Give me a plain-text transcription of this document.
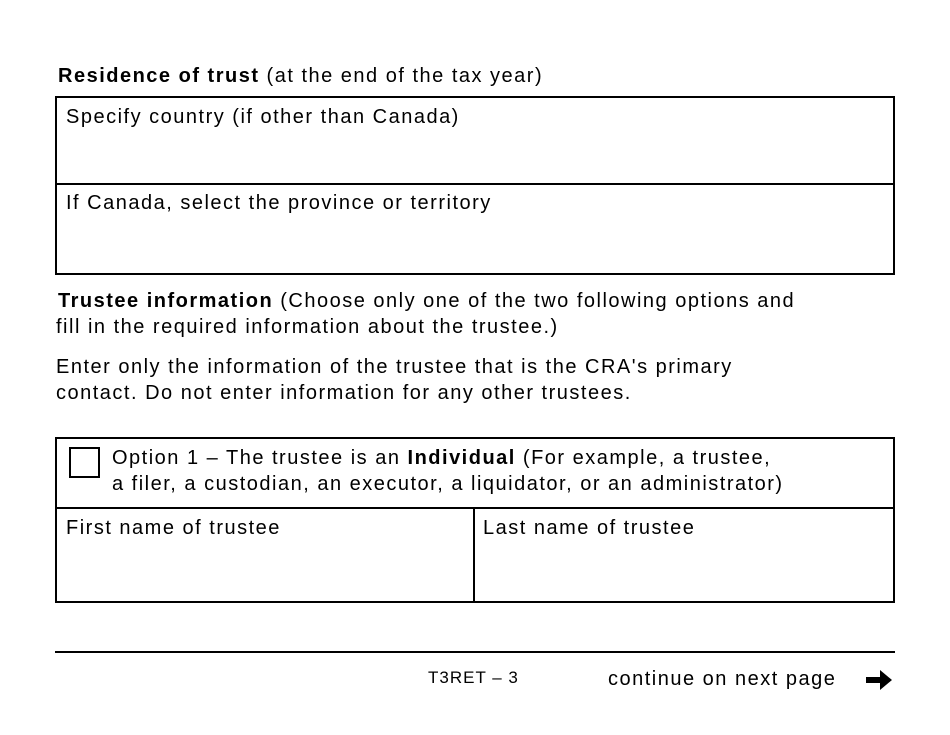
Residence of trust (at the end of the tax year)
Specify country (if other than Canada)
If Canada, select the province or territory
Trustee information (Choose only one of the two following options and
fill in the required information about the trustee.)
Enter only the information of the trustee that is the CRA's primary
contact. Do not enter information for any other trustees.
Option 1 – The trustee is an Individual (For example, a trustee,
a filer, a custodian, an executor, a liquidator, or an administrator)
First name of trustee	Last name of trustee
T3RET – 3	continue on next page
